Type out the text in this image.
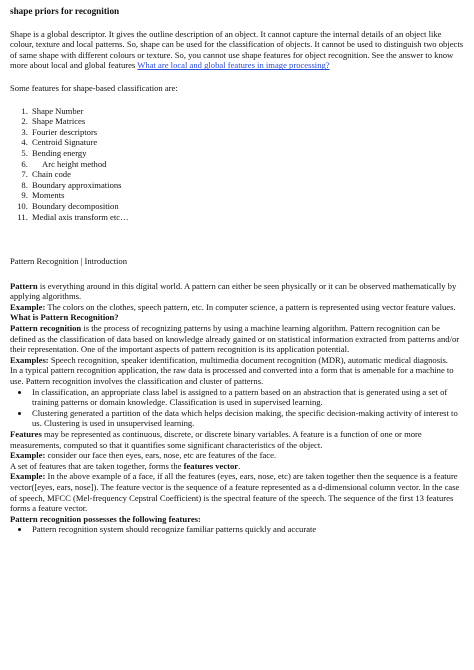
shape priors for recognition

Shape is a global descriptor. It gives the outline description of an object. It cannot capture the internal details of an object like colour, texture and local patterns. So, shape can be used for the classification of objects. It cannot be used to distinguish two objects of same shape with different colours or texture. So, you cannot use shape features for object recognition. See the answer to know more about local and global features What are local and global features in image processing?

Some features for shape-based classification are:

1. Shape Number
2. Shape Matrices
3. Fourier descriptors
4. Centroid Signature
5. Bending energy
6. Arc height method
7. Chain code
8. Boundary approximations
9. Moments
10. Boundary decomposition
11. Medial axis transform etc…

Pattern Recognition | Introduction

Pattern is everything around in this digital world. A pattern can either be seen physically or it can be observed mathematically by applying algorithms.

Example: The colors on the clothes, speech pattern, etc. In computer science, a pattern is represented using vector feature values.

What is Pattern Recognition?

Pattern recognition is the process of recognizing patterns by using a machine learning algorithm. Pattern recognition can be defined as the classification of data based on knowledge already gained or on statistical information extracted from patterns and/or their representation. One of the important aspects of pattern recognition is its application potential.

Examples: Speech recognition, speaker identification, multimedia document recognition (MDR), automatic medical diagnosis.

In a typical pattern recognition application, the raw data is processed and converted into a form that is amenable for a machine to use. Pattern recognition involves the classification and cluster of patterns.

• In classification, an appropriate class label is assigned to a pattern based on an abstraction that is generated using a set of training patterns or domain knowledge. Classification is used in supervised learning.
• Clustering generated a partition of the data which helps decision making, the specific decision-making activity of interest to us. Clustering is used in unsupervised learning.

Features may be represented as continuous, discrete, or discrete binary variables. A feature is a function of one or more measurements, computed so that it quantifies some significant characteristics of the object.

Example: consider our face then eyes, ears, nose, etc are features of the face.

A set of features that are taken together, forms the features vector.

Example: In the above example of a face, if all the features (eyes, ears, nose, etc) are taken together then the sequence is a feature vector([eyes, ears, nose]). The feature vector is the sequence of a feature represented as a d-dimensional column vector. In the case of speech, MFCC (Mel-frequency Cepstral Coefficient) is the spectral feature of the speech. The sequence of the first 13 features forms a feature vector.

Pattern recognition possesses the following features:

• Pattern recognition system should recognize familiar patterns quickly and accurate
